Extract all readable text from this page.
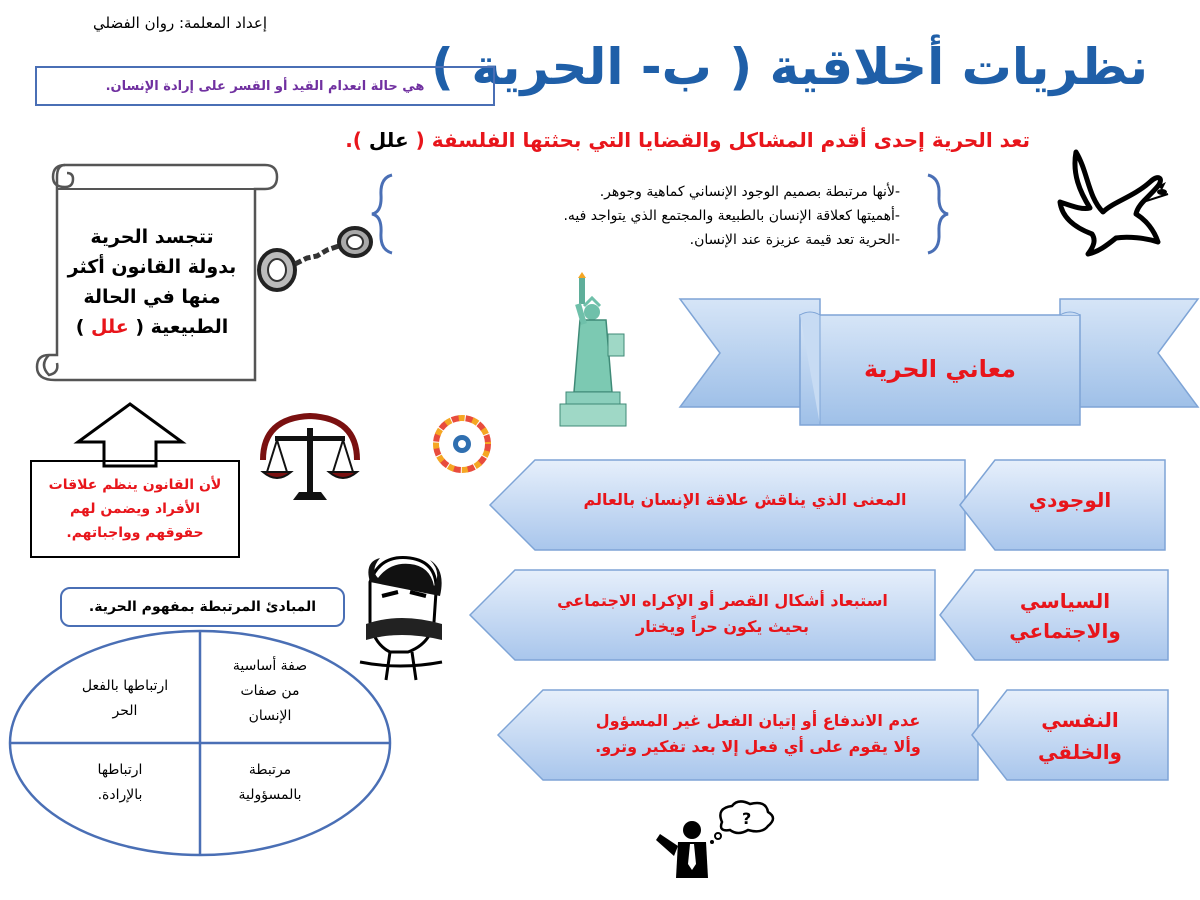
إعداد المعلمة: روان الفضلي
نظريات أخلاقية ( ب- الحرية )
هي حالة انعدام القيد أو القسر على إرادة الإنسان.
تعد الحرية إحدى أقدم المشاكل والقضايا التي بحثتها الفلسفة ( علل ).
-لأنها مرتبطة بصميم الوجود الإنساني كماهية وجوهر.
-أهميتها كعلاقة الإنسان بالطبيعة والمجتمع الذي يتواجد فيه.
-الحرية تعد قيمة عزيزة عند الإنسان.
تتجسد الحرية
بدولة القانون أكثر
منها في الحالة
الطبيعية ( علل )
لأن القانون ينظم علاقات
الأفراد ويضمن لهم
حقوقهم وواجباتهم.
معاني الحرية
الوجودي
المعنى الذي يناقش علاقة الإنسان بالعالم
السياسي
والاجتماعي
استبعاد أشكال القصر أو الإكراه الاجتماعي
بحيث يكون حراً ويختار
النفسي
والخلقي
عدم الاندفاع أو إتيان الفعل غير المسؤول
وألا يقوم على أي فعل إلا بعد تفكير وترو.
المبادئ المرتبطة بمفهوم الحرية.
صفة أساسية
من صفات
الإنسان
ارتباطها بالفعل
الحر
مرتبطة
بالمسؤولية
ارتباطها
بالإرادة.
?
